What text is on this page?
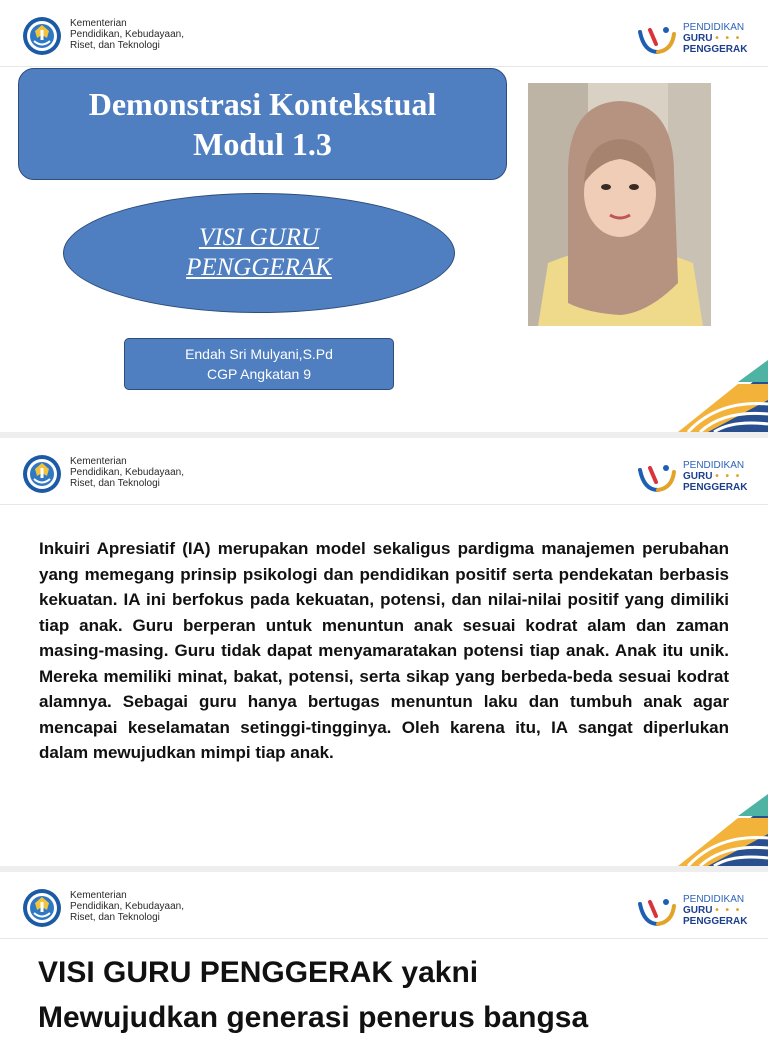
Kementerian
Pendidikan, Kebudayaan,
Riset, dan Teknologi
PENDIDIKAN
GURU • • •
PENGGERAK
Demonstrasi Kontekstual
Modul 1.3
VISI GURU
PENGGERAK
Endah Sri Mulyani,S.Pd
CGP Angkatan 9
Kementerian
Pendidikan, Kebudayaan,
Riset, dan Teknologi
PENDIDIKAN
GURU • • •
PENGGERAK

Inkuiri Apresiatif (IA) merupakan model sekaligus pardigma manajemen perubahan yang memegang prinsip psikologi dan pendidikan positif serta pendekatan berbasis kekuatan. IA ini berfokus pada kekuatan, potensi, dan nilai-nilai positif yang dimiliki tiap anak. Guru berperan untuk menuntun anak sesuai kodrat alam dan zaman masing-masing. Guru tidak dapat menyamaratakan potensi tiap anak. Anak itu unik. Mereka memiliki minat, bakat, potensi, serta sikap yang berbeda-beda sesuai kodrat alamnya. Sebagai guru hanya bertugas menuntun laku dan tumbuh anak agar mencapai keselamatan setinggi-tingginya. Oleh karena itu, IA sangat diperlukan dalam mewujudkan mimpi tiap anak.

Kementerian
Pendidikan, Kebudayaan,
Riset, dan Teknologi
PENDIDIKAN
GURU • • •
PENGGERAK
VISI GURU PENGGERAK yakni
Mewujudkan generasi penerus bangsa
